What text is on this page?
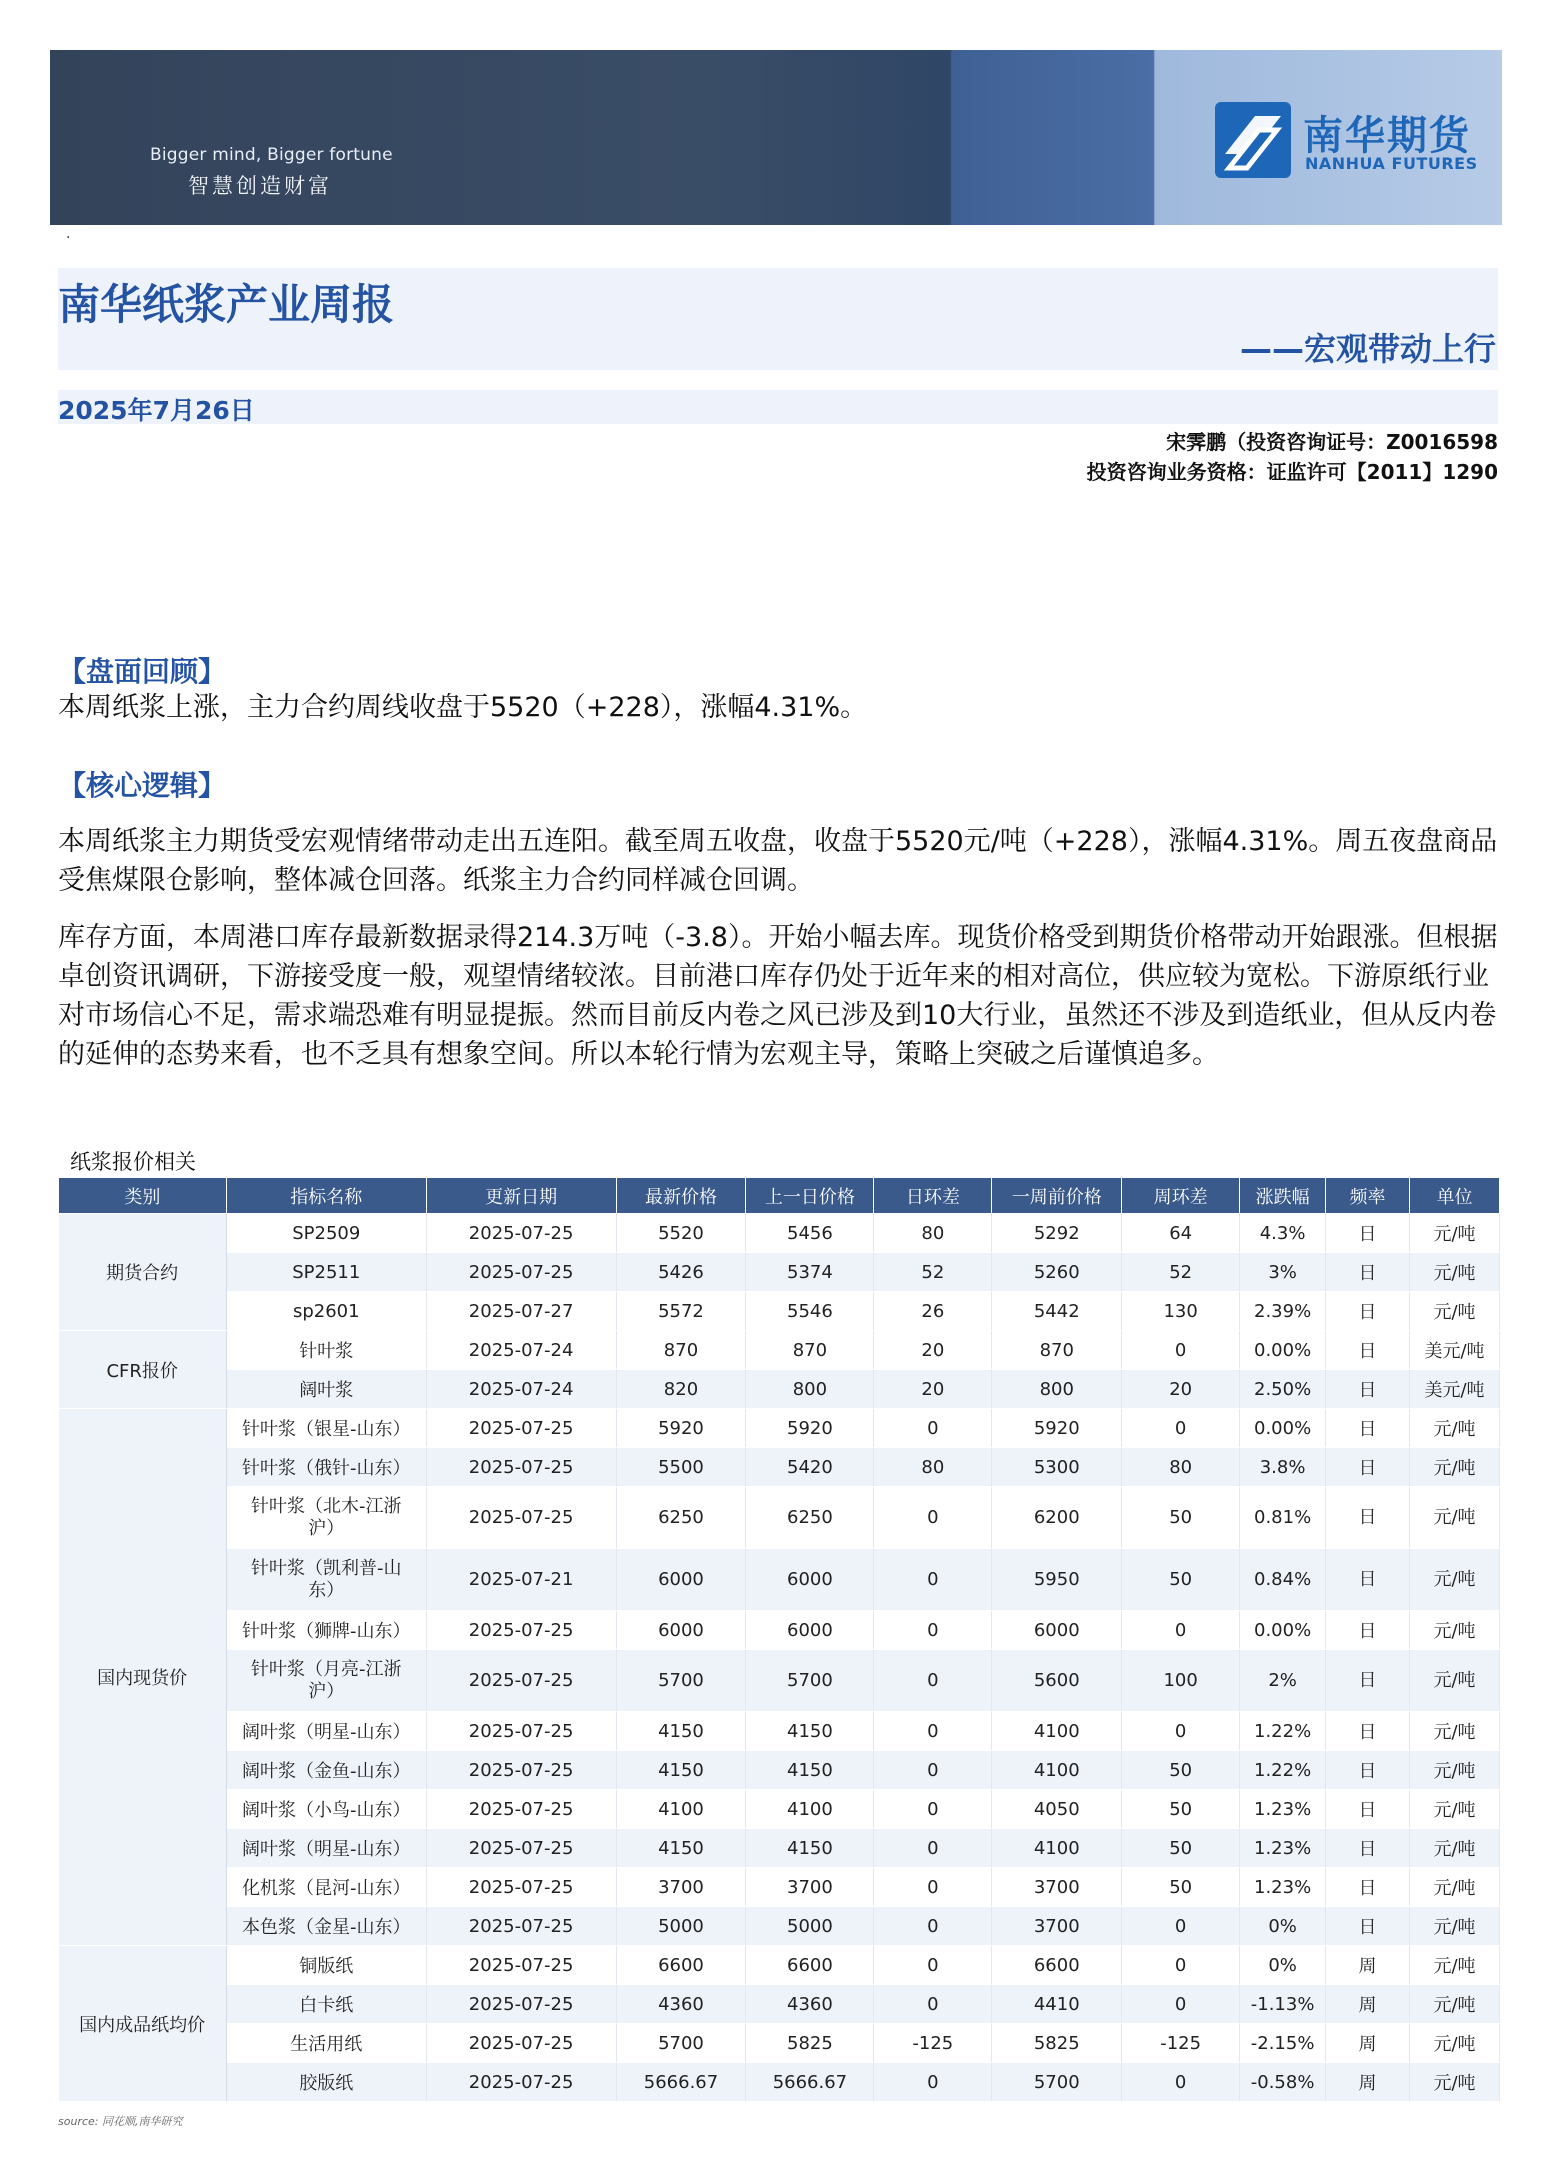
Bigger mind, Bigger fortune
智慧创造财富
南华期货
NANHUA FUTURES
·
南华纸浆产业周报
——宏观带动上行
2025年7月26日
宋霁鹏（投资咨询证号：Z0016598
投资咨询业务资格：证监许可【2011】1290
【盘面回顾】
本周纸浆上涨，主力合约周线收盘于5520（+228），涨幅4.31%。
【核心逻辑】
本周纸浆主力期货受宏观情绪带动走出五连阳。截至周五收盘，收盘于5520元/吨（+228），涨幅4.31%。周五夜盘商品受焦煤限仓影响，整体减仓回落。纸浆主力合约同样减仓回调。
库存方面，本周港口库存最新数据录得214.3万吨（-3.8）。开始小幅去库。现货价格受到期货价格带动开始跟涨。但根据卓创资讯调研，下游接受度一般，观望情绪较浓。目前港口库存仍处于近年来的相对高位，供应较为宽松。下游原纸行业对市场信心不足，需求端恐难有明显提振。然而目前反内卷之风已涉及到10大行业，虽然还不涉及到造纸业，但从反内卷的延伸的态势来看，也不乏具有想象空间。所以本轮行情为宏观主导，策略上突破之后谨慎追多。
纸浆报价相关
类别	指标名称	更新日期	最新价格	上一日价格	日环差	一周前价格	周环差	涨跌幅	频率	单位
期货合约	SP2509	2025-07-25	5520	5456	80	5292	64	4.3%	日	元/吨
	SP2511	2025-07-25	5426	5374	52	5260	52	3%	日	元/吨
	sp2601	2025-07-27	5572	5546	26	5442	130	2.39%	日	元/吨
CFR报价	针叶浆	2025-07-24	870	870	20	870	0	0.00%	日	美元/吨
	阔叶浆	2025-07-24	820	800	20	800	20	2.50%	日	美元/吨
国内现货价	针叶浆（银星-山东）	2025-07-25	5920	5920	0	5920	0	0.00%	日	元/吨
	针叶浆（俄针-山东）	2025-07-25	5500	5420	80	5300	80	3.8%	日	元/吨
	针叶浆（北木-江浙沪）	2025-07-25	6250	6250	0	6200	50	0.81%	日	元/吨
	针叶浆（凯利普-山东）	2025-07-21	6000	6000	0	5950	50	0.84%	日	元/吨
	针叶浆（狮牌-山东）	2025-07-25	6000	6000	0	6000	0	0.00%	日	元/吨
	针叶浆（月亮-江浙沪）	2025-07-25	5700	5700	0	5600	100	2%	日	元/吨
	阔叶浆（明星-山东）	2025-07-25	4150	4150	0	4100	0	1.22%	日	元/吨
	阔叶浆（金鱼-山东）	2025-07-25	4150	4150	0	4100	50	1.22%	日	元/吨
	阔叶浆（小鸟-山东）	2025-07-25	4100	4100	0	4050	50	1.23%	日	元/吨
	阔叶浆（明星-山东）	2025-07-25	4150	4150	0	4100	50	1.23%	日	元/吨
	化机浆（昆河-山东）	2025-07-25	3700	3700	0	3700	50	1.23%	日	元/吨
	本色浆（金星-山东）	2025-07-25	5000	5000	0	3700	0	0%	日	元/吨
国内成品纸均价	铜版纸	2025-07-25	6600	6600	0	6600	0	0%	周	元/吨
	白卡纸	2025-07-25	4360	4360	0	4410	0	-1.13%	周	元/吨
	生活用纸	2025-07-25	5700	5825	-125	5825	-125	-2.15%	周	元/吨
	胶版纸	2025-07-25	5666.67	5666.67	0	5700	0	-0.58%	周	元/吨
source: 同花顺,南华研究
